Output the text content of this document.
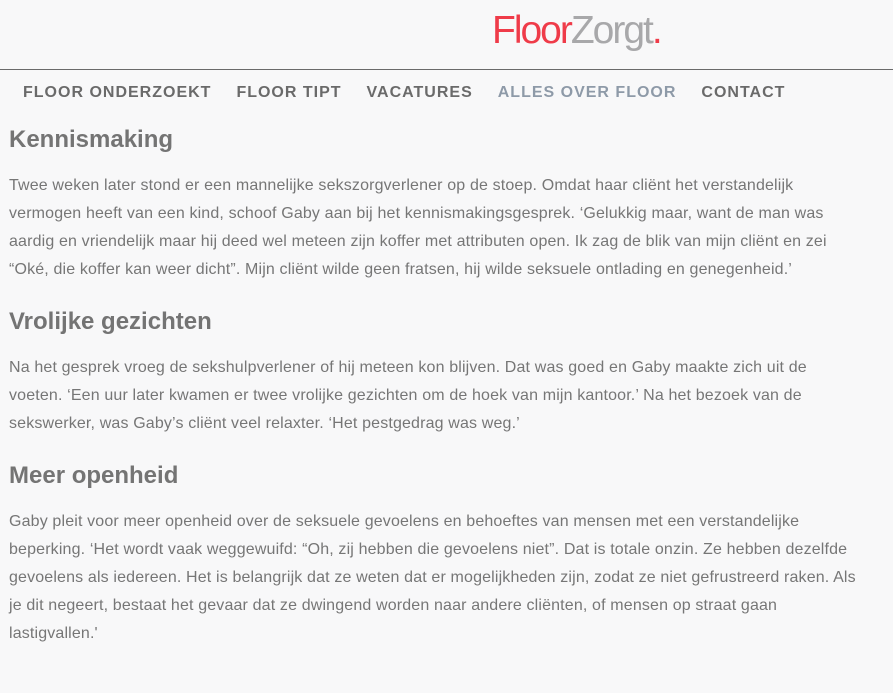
FloorZorgt.
FLOOR ONDERZOEKT FLOOR TIPT VACATURES ALLES OVER FLOOR CONTACT
Kennismaking

Twee weken later stond er een mannelijke sekszorgverlener op de stoep. Omdat haar cliënt het verstandelijk vermogen heeft van een kind, schoof Gaby aan bij het kennismakingsgesprek. ‘Gelukkig maar, want de man was aardig en vriendelijk maar hij deed wel meteen zijn koffer met attributen open. Ik zag de blik van mijn cliënt en zei “Oké, die koffer kan weer dicht”. Mijn cliënt wilde geen fratsen, hij wilde seksuele ontlading en genegenheid.’

Vrolijke gezichten

Na het gesprek vroeg de sekshulpverlener of hij meteen kon blijven. Dat was goed en Gaby maakte zich uit de voeten. ‘Een uur later kwamen er twee vrolijke gezichten om de hoek van mijn kantoor.’ Na het bezoek van de sekswerker, was Gaby’s cliënt veel relaxter. ‘Het pestgedrag was weg.’

Meer openheid

Gaby pleit voor meer openheid over de seksuele gevoelens en behoeftes van mensen met een verstandelijke beperking. ‘Het wordt vaak weggewuifd: “Oh, zij hebben die gevoelens niet”. Dat is totale onzin. Ze hebben dezelfde gevoelens als iedereen. Het is belangrijk dat ze weten dat er mogelijkheden zijn, zodat ze niet gefrustreerd raken. Als je dit negeert, bestaat het gevaar dat ze dwingend worden naar andere cliënten, of mensen op straat gaan lastigvallen.'
